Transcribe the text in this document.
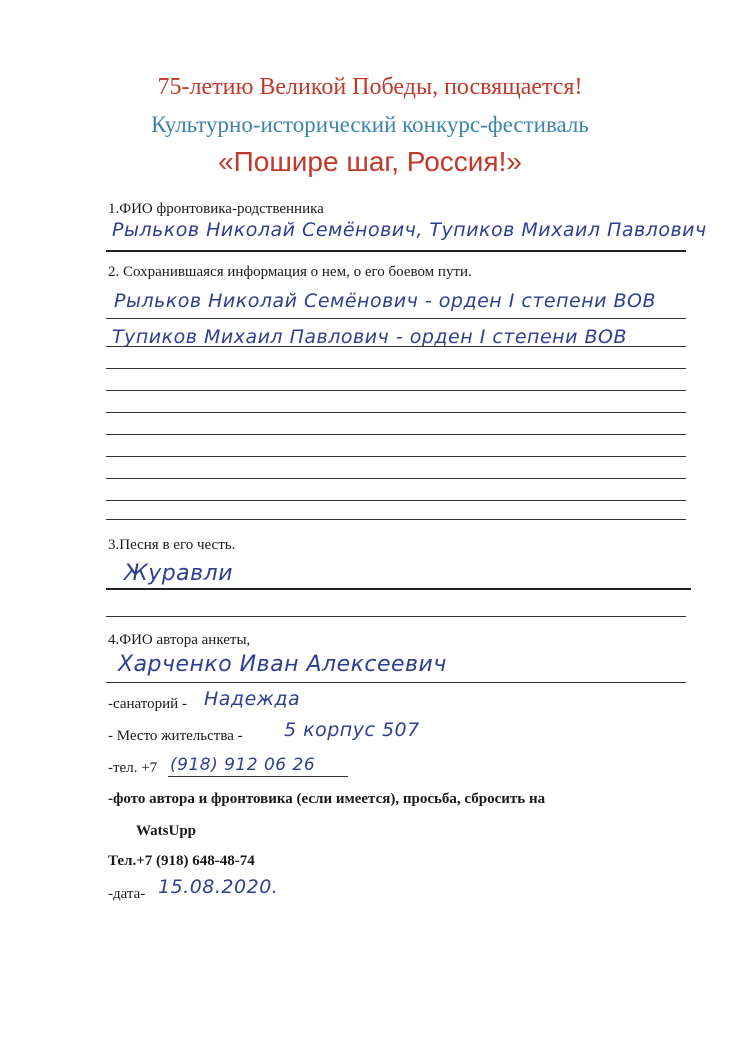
75-летию Великой Победы, посвящается!
Культурно-исторический конкурс-фестиваль
«Пошире шаг, Россия!»
1.ФИО фронтовика-родственника
Рыльков Николай Семёнович, Тупиков Михаил Павлович
2. Сохранившаяся информация о нем, о его боевом пути.
Рыльков Николай Семёнович - орден I степени ВОВ
Тупиков Михаил Павлович - орден I степени ВОВ
3.Песня в его честь.
Журавли
4.ФИО автора анкеты,
Харченко Иван Алексеевич
-санаторий - Надежда
- Место жительства - 5 корпус 507
-тел. +7 (918) 912 06 26
-фото автора и фронтовика (если имеется), просьба, сбросить на
WatsUpp
Тел.+7 (918) 648-48-74
-дата- 15.08.2020.
